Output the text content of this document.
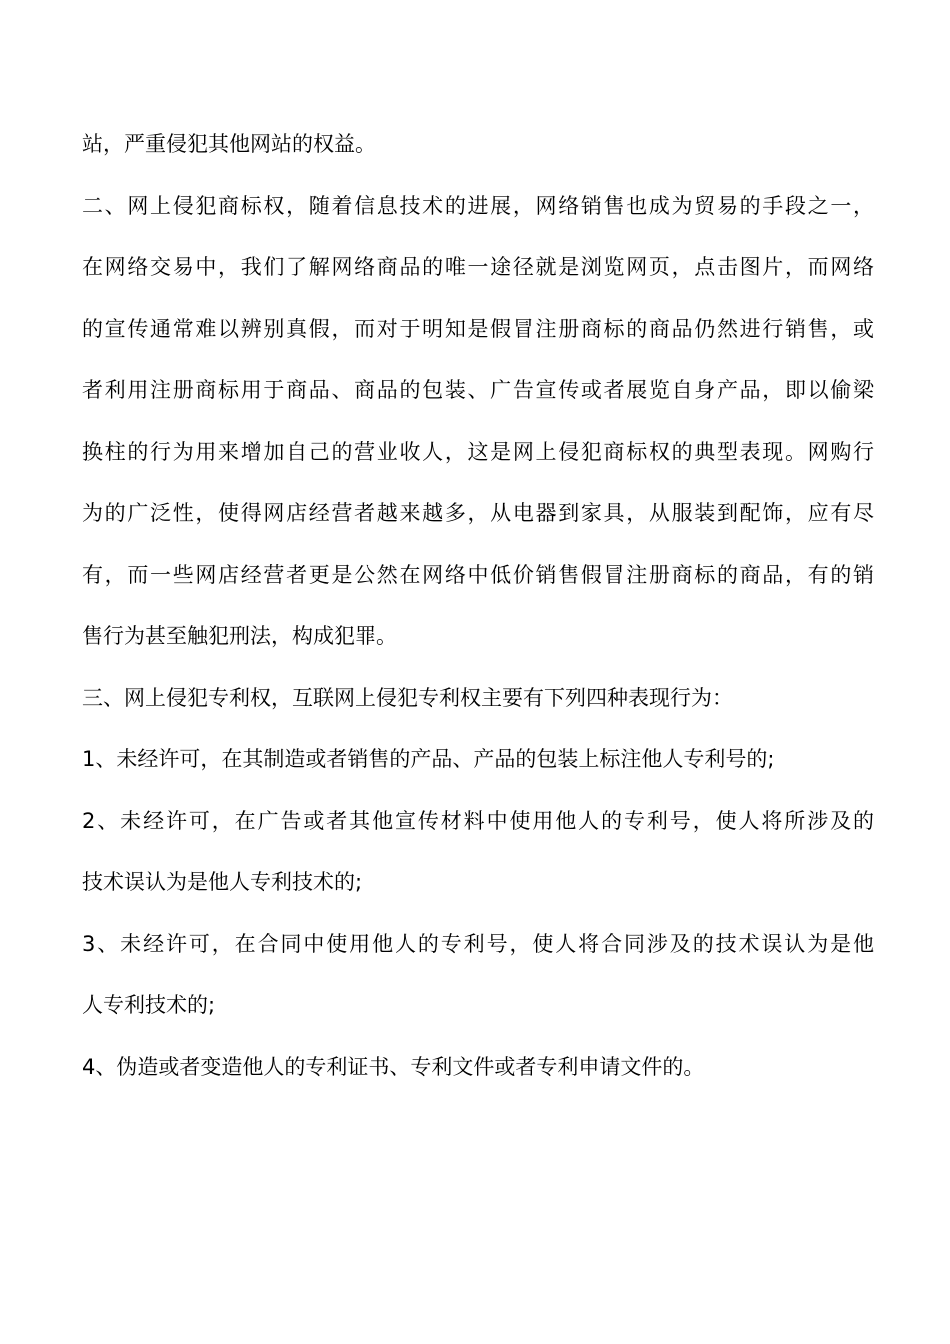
站，严重侵犯其他网站的权益。
二、网上侵犯商标权，随着信息技术的进展，网络销售也成为贸易的手段之一，
在网络交易中，我们了解网络商品的唯一途径就是浏览网页，点击图片，而网络
的宣传通常难以辨别真假，而对于明知是假冒注册商标的商品仍然进行销售，或
者利用注册商标用于商品、商品的包装、广告宣传或者展览自身产品，即以偷梁
换柱的行为用来增加自己的营业收人，这是网上侵犯商标权的典型表现。网购行
为的广泛性，使得网店经营者越来越多，从电器到家具，从服装到配饰，应有尽
有，而一些网店经营者更是公然在网络中低价销售假冒注册商标的商品，有的销
售行为甚至触犯刑法，构成犯罪。
三、网上侵犯专利权，互联网上侵犯专利权主要有下列四种表现行为：
1、未经许可，在其制造或者销售的产品、产品的包装上标注他人专利号的;
2、未经许可，在广告或者其他宣传材料中使用他人的专利号，使人将所涉及的
技术误认为是他人专利技术的;
3、未经许可，在合同中使用他人的专利号，使人将合同涉及的技术误认为是他
人专利技术的;
4、伪造或者变造他人的专利证书、专利文件或者专利申请文件的。
